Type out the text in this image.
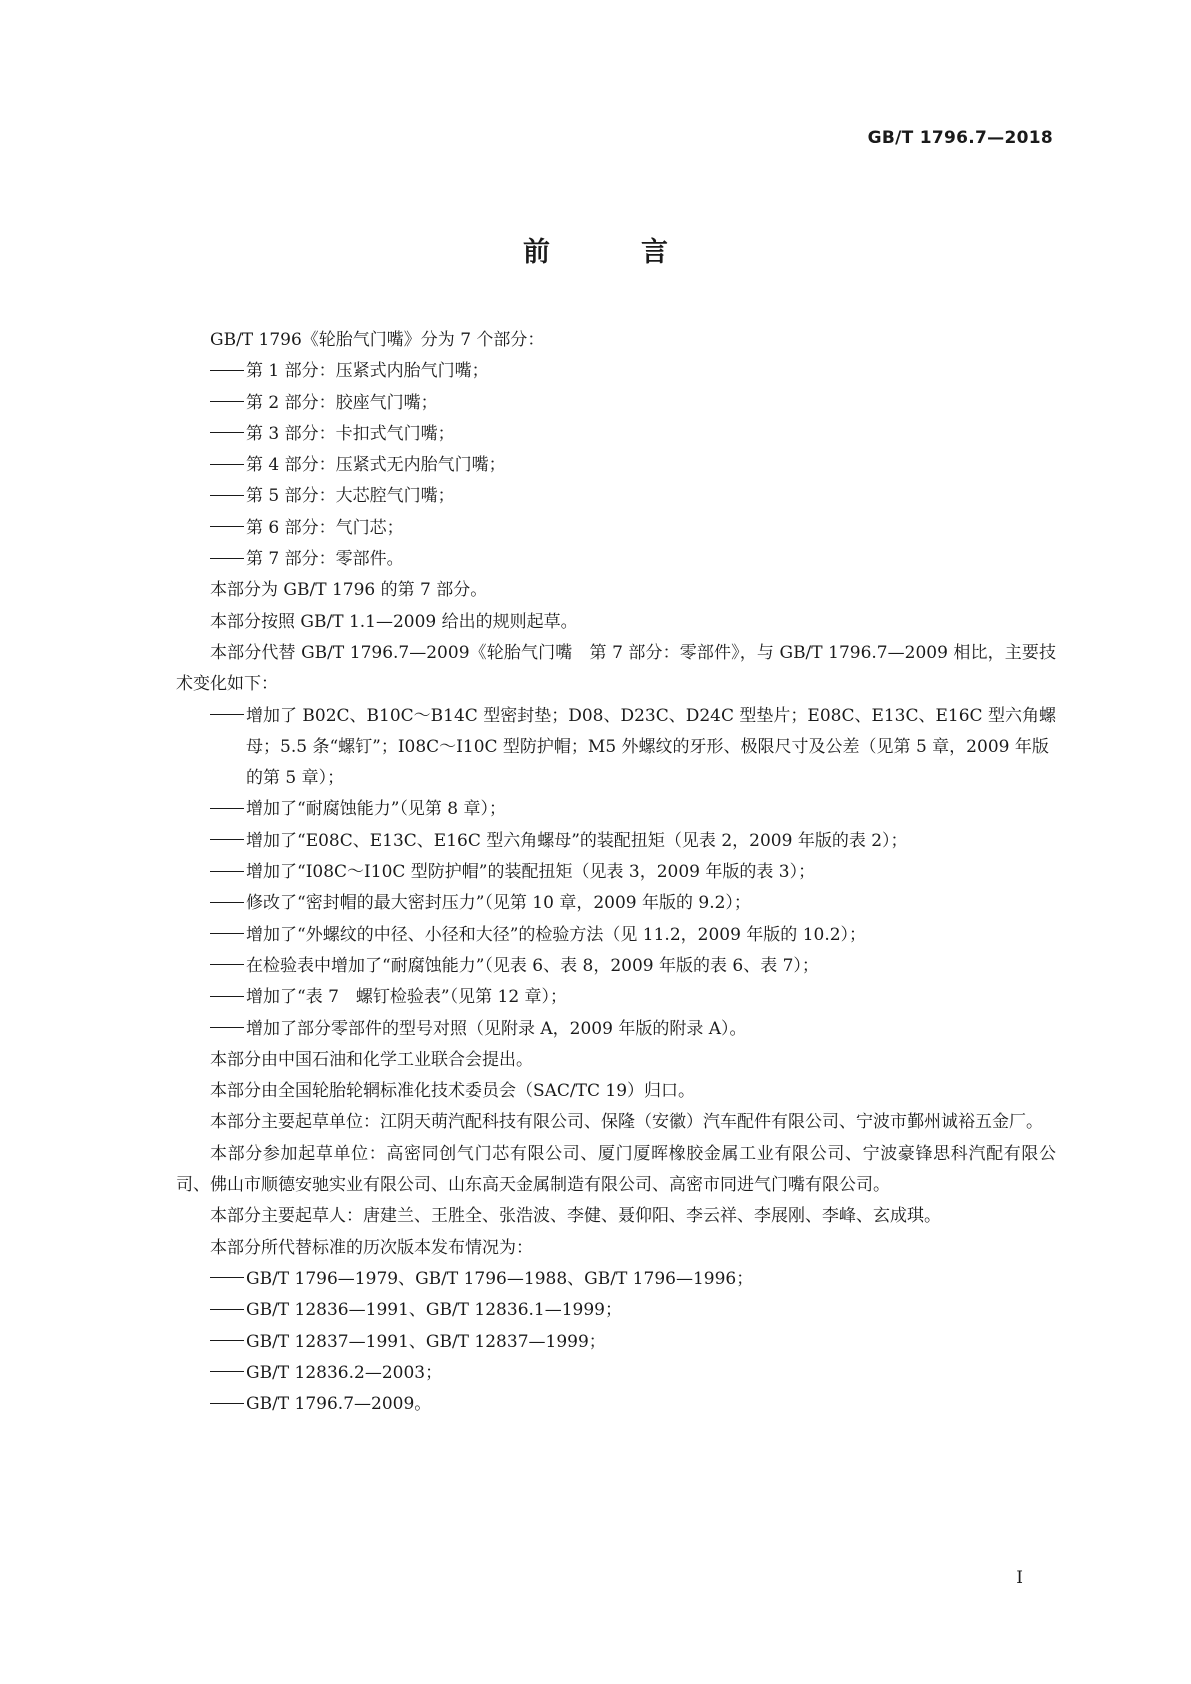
GB/T 1796.7—2018
前　言
GB/T 1796《轮胎气门嘴》分为 7 个部分：
第 1 部分：压紧式内胎气门嘴；
第 2 部分：胶座气门嘴；
第 3 部分：卡扣式气门嘴；
第 4 部分：压紧式无内胎气门嘴；
第 5 部分：大芯腔气门嘴；
第 6 部分：气门芯；
第 7 部分：零部件。
本部分为 GB/T 1796 的第 7 部分。
本部分按照 GB/T 1.1—2009 给出的规则起草。
本部分代替 GB/T 1796.7—2009《轮胎气门嘴　第 7 部分：零部件》，与 GB/T 1796.7—2009 相比，主要技术变化如下：
增加了 B02C、B10C～B14C 型密封垫；D08、D23C、D24C 型垫片；E08C、E13C、E16C 型六角螺母；5.5 条“螺钉”；I08C～I10C 型防护帽；M5 外螺纹的牙形、极限尺寸及公差（见第 5 章，2009 年版的第 5 章）；
增加了“耐腐蚀能力”（见第 8 章）；
增加了“E08C、E13C、E16C 型六角螺母”的装配扭矩（见表 2，2009 年版的表 2）；
增加了“I08C～I10C 型防护帽”的装配扭矩（见表 3，2009 年版的表 3）；
修改了“密封帽的最大密封压力”（见第 10 章，2009 年版的 9.2）；
增加了“外螺纹的中径、小径和大径”的检验方法（见 11.2，2009 年版的 10.2）；
在检验表中增加了“耐腐蚀能力”（见表 6、表 8，2009 年版的表 6、表 7）；
增加了“表 7　螺钉检验表”（见第 12 章）；
增加了部分零部件的型号对照（见附录 A，2009 年版的附录 A）。
本部分由中国石油和化学工业联合会提出。
本部分由全国轮胎轮辋标准化技术委员会（SAC/TC 19）归口。
本部分主要起草单位：江阴天萌汽配科技有限公司、保隆（安徽）汽车配件有限公司、宁波市鄞州诚裕五金厂。
本部分参加起草单位：高密同创气门芯有限公司、厦门厦晖橡胶金属工业有限公司、宁波豪锋思科汽配有限公司、佛山市顺德安驰实业有限公司、山东高天金属制造有限公司、高密市同进气门嘴有限公司。
本部分主要起草人：唐建兰、王胜全、张浩波、李健、聂仰阳、李云祥、李展刚、李峰、玄成琪。
本部分所代替标准的历次版本发布情况为：
GB/T 1796—1979、GB/T 1796—1988、GB/T 1796—1996；
GB/T 12836—1991、GB/T 12836.1—1999；
GB/T 12837—1991、GB/T 12837—1999；
GB/T 12836.2—2003；
GB/T 1796.7—2009。
I
